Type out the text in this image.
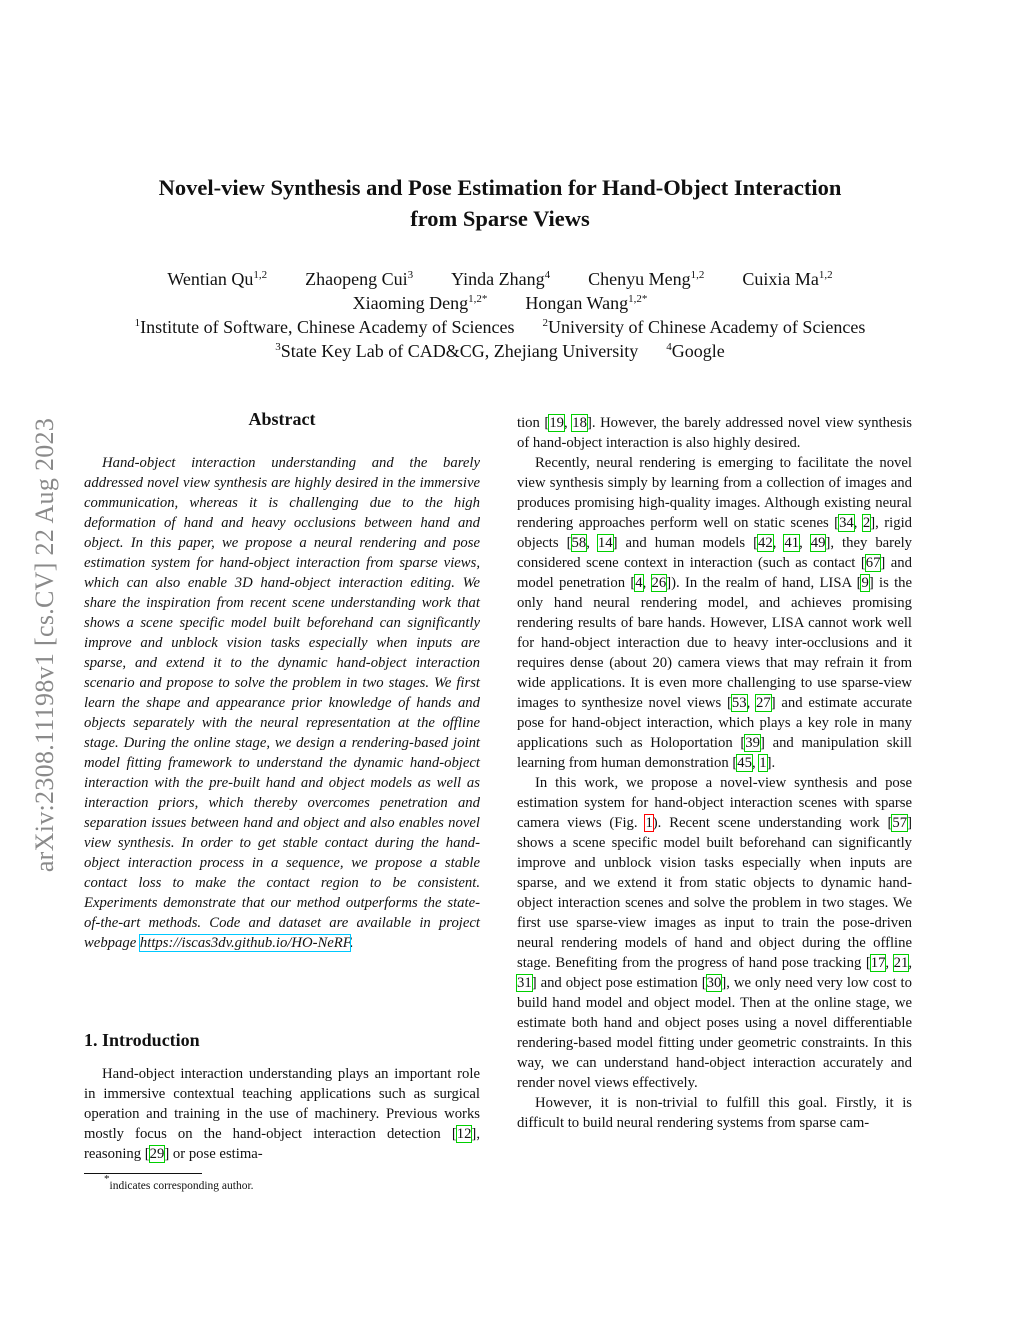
arXiv:2308.11198v1 [cs.CV] 22 Aug 2023
Novel-view Synthesis and Pose Estimation for Hand-Object Interaction
from Sparse Views
Wentian Qu$^{1,2}$ Zhaopeng Cui$^3$ Yinda Zhang$^4$ Chenyu Meng$^{1,2}$ Cuixia Ma$^{1,2}$
Xiaoming Deng$^{1,2*}$ Hongan Wang$^{1,2*}$
$^1$Institute of Software, Chinese Academy of Sciences	$^2$University of Chinese Academy of Sciences
$^3$State Key Lab of CAD&CG, Zhejiang University	$^4$Google
Abstract
Hand-object interaction understanding and the barely addressed novel view synthesis are highly desired in the immersive communication, whereas it is challenging due to the high deformation of hand and heavy occlusions between hand and object. In this paper, we propose a neural rendering and pose estimation system for hand-object interaction from sparse views, which can also enable 3D hand-object interaction editing. We share the inspiration from recent scene understanding work that shows a scene specific model built beforehand can significantly improve and unblock vision tasks especially when inputs are sparse, and extend it to the dynamic hand-object interaction scenario and propose to solve the problem in two stages. We first learn the shape and appearance prior knowledge of hands and objects separately with the neural representation at the offline stage. During the online stage, we design a rendering-based joint model fitting framework to understand the dynamic hand-object interaction with the pre-built hand and object models as well as interaction priors, which thereby overcomes penetration and separation issues between hand and object and also enables novel view synthesis. In order to get stable contact during the hand-object interaction process in a sequence, we propose a stable contact loss to make the contact region to be consistent. Experiments demonstrate that our method outperforms the state-of-the-art methods. Code and dataset are available in project webpage https://iscas3dv.github.io/HO-NeRF.
1. Introduction
Hand-object interaction understanding plays an important role in immersive contextual teaching applications such as surgical operation and training in the use of machinery. Previous works mostly focus on the hand-object interaction detection [12], reasoning [29] or pose estima-
*indicates corresponding author.

tion [19, 18]. However, the barely addressed novel view synthesis of hand-object interaction is also highly desired.

Recently, neural rendering is emerging to facilitate the novel view synthesis simply by learning from a collection of images and produces promising high-quality images. Although existing neural rendering approaches perform well on static scenes [34, 2], rigid objects [58, 14] and human models [42, 41, 49], they barely considered scene context in interaction (such as contact [67] and model penetration [4, 26]). In the realm of hand, LISA [9] is the only hand neural rendering model, and achieves promising rendering results of bare hands. However, LISA cannot work well for hand-object interaction due to heavy inter-occlusions and it requires dense (about 20) camera views that may refrain it from wide applications. It is even more challenging to use sparse-view images to synthesize novel views [53, 27] and estimate accurate pose for hand-object interaction, which plays a key role in many applications such as Holoportation [39] and manipulation skill learning from human demonstration [45, 1].

In this work, we propose a novel-view synthesis and pose estimation system for hand-object interaction scenes with sparse camera views (Fig. 1). Recent scene understanding work [57] shows a scene specific model built beforehand can significantly improve and unblock vision tasks especially when inputs are sparse, and we extend it from static objects to dynamic hand-object interaction scenes and solve the problem in two stages. We first use sparse-view images as input to train the pose-driven neural rendering models of hand and object during the offline stage. Benefiting from the progress of hand pose tracking [17, 21, 31] and object pose estimation [30], we only need very low cost to build hand model and object model. Then at the online stage, we estimate both hand and object poses using a novel differentiable rendering-based model fitting under geometric constraints. In this way, we can understand hand-object interaction accurately and render novel views effectively.

However, it is non-trivial to fulfill this goal. Firstly, it is difficult to build neural rendering systems from sparse cam-
